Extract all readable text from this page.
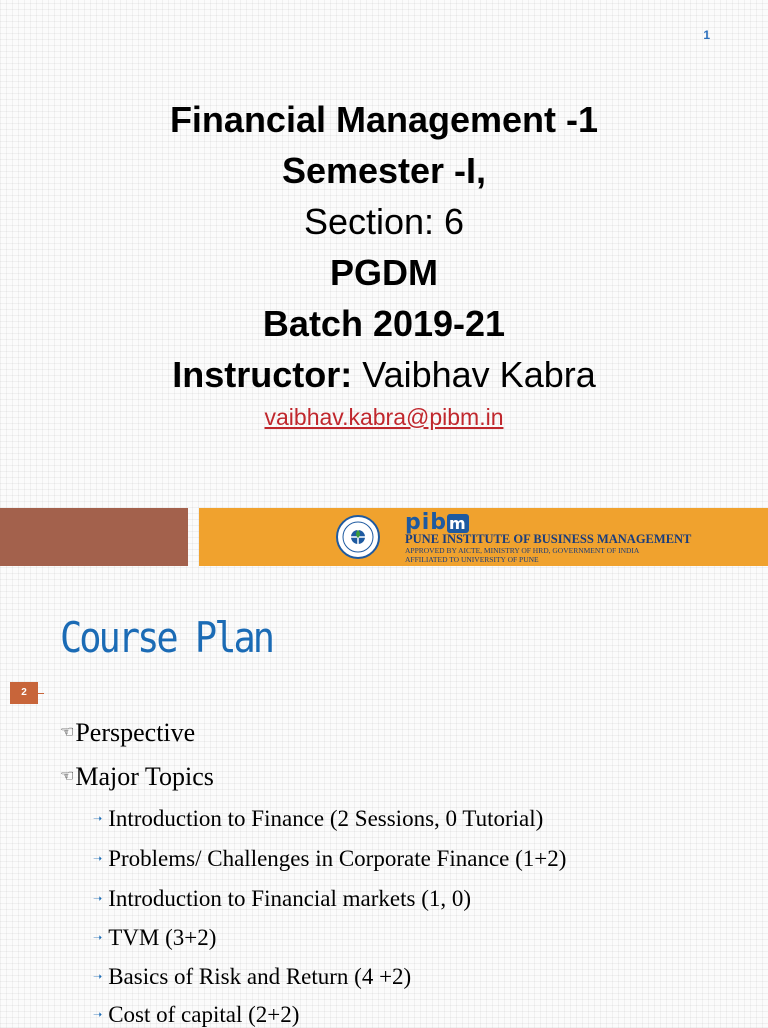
1
Financial Management -1
Semester -I,
Section: 6
PGDM
Batch 2019-21
Instructor: Vaibhav Kabra
vaibhav.kabra@pibm.in
pib m
PUNE INSTITUTE OF BUSINESS MANAGEMENT
APPROVED BY AICTE, MINISTRY OF HRD, GOVERNMENT OF INDIA
AFFILIATED TO UNIVERSITY OF PUNE
Course Plan
2
☜Perspective
☜Major Topics
➝ Introduction to Finance (2 Sessions, 0 Tutorial)
➝ Problems/ Challenges in Corporate Finance (1+2)
➝ Introduction to Financial markets (1, 0)
➝ TVM (3+2)
➝ Basics of Risk and Return (4 +2)
➝ Cost of capital (2+2)
